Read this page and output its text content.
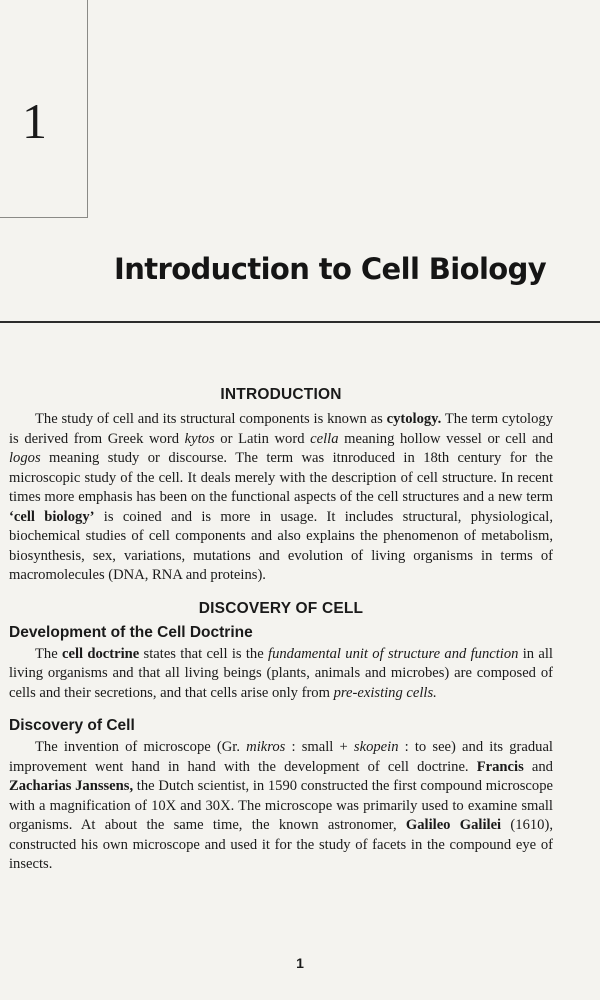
1
Introduction to Cell Biology
INTRODUCTION

The study of cell and its structural components is known as cytology. The term cytology is derived from Greek word kytos or Latin word cella meaning hollow vessel or cell and logos meaning study or discourse. The term was itnroduced in 18th century for the microscopic study of the cell. It deals merely with the description of cell structure. In recent times more emphasis has been on the functional aspects of the cell structures and a new term ‘cell biology’ is coined and is more in usage. It includes structural, physiological, biochemical studies of cell components and also explains the phenomenon of metabolism, biosynthesis, sex, variations, mutations and evolution of living organisms in terms of macromolecules (DNA, RNA and proteins).

DISCOVERY OF CELL
Development of the Cell Doctrine

The cell doctrine states that cell is the fundamental unit of structure and function in all living organisms and that all living beings (plants, animals and microbes) are composed of cells and their secretions, and that cells arise only from pre-existing cells.

Discovery of Cell

The invention of microscope (Gr. mikros : small + skopein : to see) and its gradual improvement went hand in hand with the development of cell doctrine. Francis and Zacharias Janssens, the Dutch scientist, in 1590 constructed the first compound microscope with a magnification of 10X and 30X. The microscope was primarily used to examine small organisms. At about the same time, the known astronomer, Galileo Galilei (1610), constructed his own microscope and used it for the study of facets in the compound eye of insects.

1
